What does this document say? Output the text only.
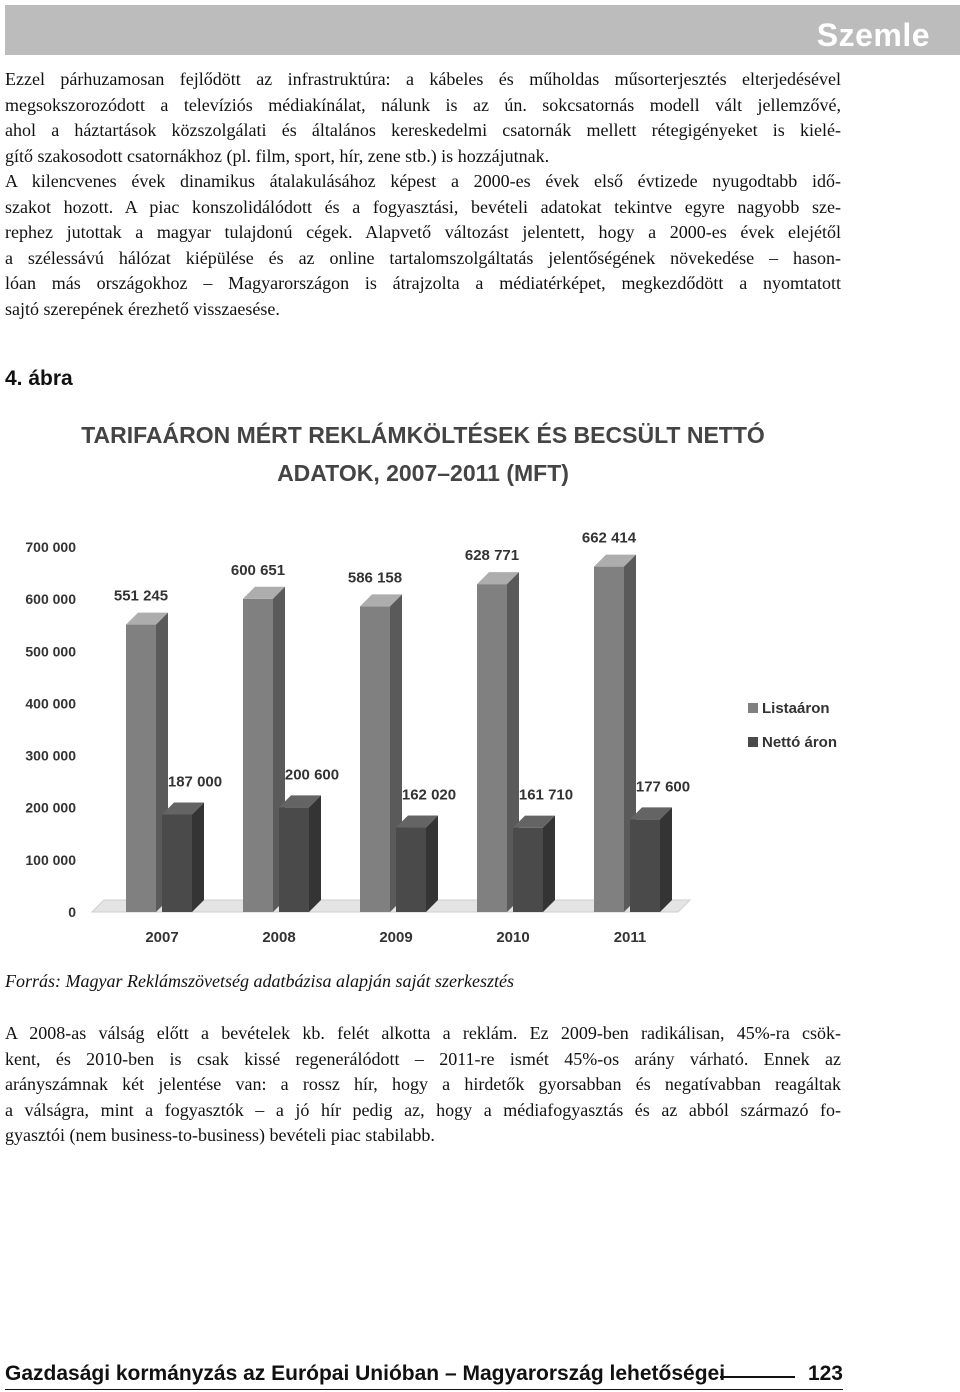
Szemle
Ezzel párhuzamosan fejlődött az infrastruktúra: a kábeles és műholdas műsorterjesztés elterjedésével
megsokszorozódott a televíziós médiakínálat, nálunk is az ún. sokcsatornás modell vált jellemzővé,
ahol a háztartások közszolgálati és általános kereskedelmi csatornák mellett rétegigényeket is kielé-
gítő szakosodott csatornákhoz (pl. film, sport, hír, zene stb.) is hozzájutnak.
A kilencvenes évek dinamikus átalakulásához képest a 2000-es évek első évtizede nyugodtabb idő-
szakot hozott. A piac konszolidálódott és a fogyasztási, bevételi adatokat tekintve egyre nagyobb sze-
rephez jutottak a magyar tulajdonú cégek. Alapvető változást jelentett, hogy a 2000-es évek elejétől
a szélessávú hálózat kiépülése és az online tartalomszolgáltatás jelentőségének növekedése – hason-
lóan más országokhoz – Magyarországon is átrajzolta a médiatérképet, megkezdődött a nyomtatott
sajtó szerepének érezhető visszaesése.
4. ábra
TARIFAÁRON MÉRT REKLÁMKÖLTÉSEK ÉS BECSÜLT NETTÓ
ADATOK, 2007–2011 (MFT)
0
100 000
200 000
300 000
400 000
500 000
600 000
700 000
551 245
187 000
2007
600 651
200 600
2008
586 158
162 020
2009
628 771
161 710
2010
662 414
177 600
2011
Listaáron
Nettó áron
Forrás: Magyar Reklámszövetség adatbázisa alapján saját szerkesztés
A 2008-as válság előtt a bevételek kb. felét alkotta a reklám. Ez 2009-ben radikálisan, 45%-ra csök-
kent, és 2010-ben is csak kissé regenerálódott – 2011-re ismét 45%-os arány várható. Ennek az
arányszámnak két jelentése van: a rossz hír, hogy a hirdetők gyorsabban és negatívabban reagáltak
a válságra, mint a fogyasztók – a jó hír pedig az, hogy a médiafogyasztás és az abból származó fo-
gyasztói (nem business-to-business) bevételi piac stabilabb.
Gazdasági kormányzás az Európai Unióban – Magyarország lehetőségei	123
